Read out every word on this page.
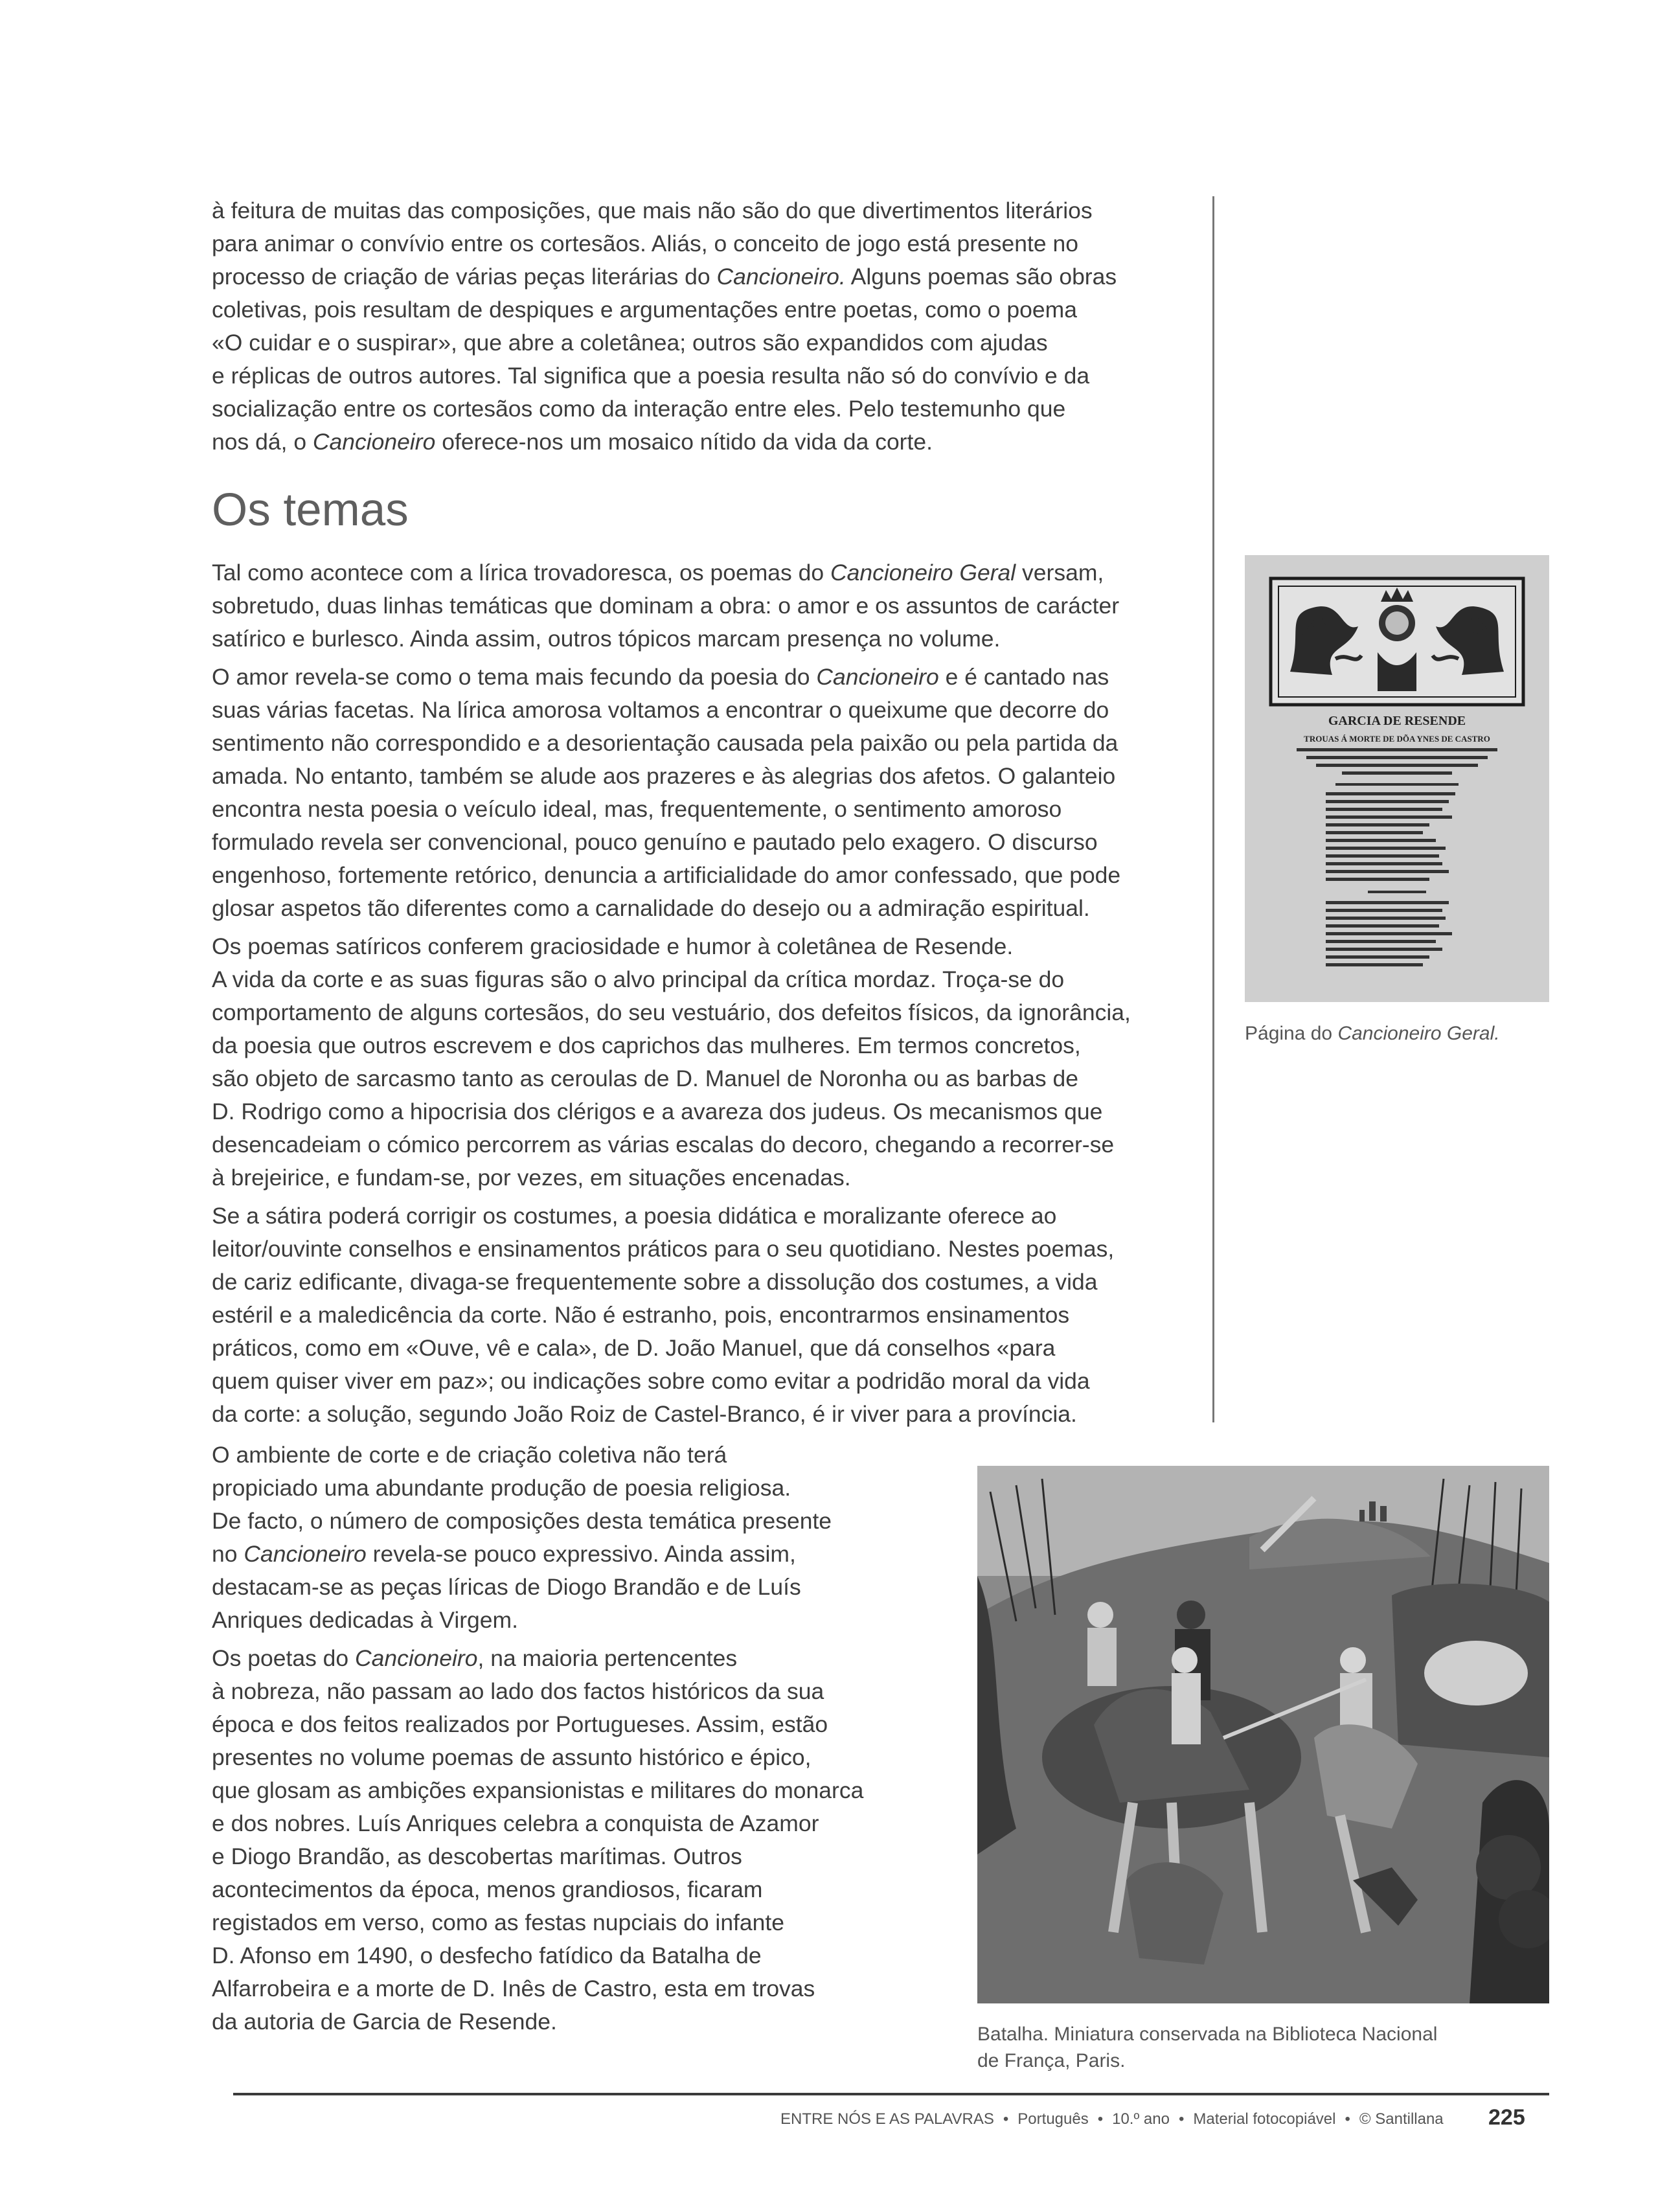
à feitura de muitas das composições, que mais não são do que divertimentos literários
para animar o convívio entre os cortesãos. Aliás, o conceito de jogo está presente no
processo de criação de várias peças literárias do Cancioneiro. Alguns poemas são obras
coletivas, pois resultam de despiques e argumentações entre poetas, como o poema
«O cuidar e o suspirar», que abre a coletânea; outros são expandidos com ajudas
e réplicas de outros autores. Tal significa que a poesia resulta não só do convívio e da
socialização entre os cortesãos como da interação entre eles. Pelo testemunho que
nos dá, o Cancioneiro oferece-nos um mosaico nítido da vida da corte.

Os temas

Tal como acontece com a lírica trovadoresca, os poemas do Cancioneiro Geral versam,
sobretudo, duas linhas temáticas que dominam a obra: o amor e os assuntos de carácter
satírico e burlesco. Ainda assim, outros tópicos marcam presença no volume.

O amor revela-se como o tema mais fecundo da poesia do Cancioneiro e é cantado nas
suas várias facetas. Na lírica amorosa voltamos a encontrar o queixume que decorre do
sentimento não correspondido e a desorientação causada pela paixão ou pela partida da
amada. No entanto, também se alude aos prazeres e às alegrias dos afetos. O galanteio
encontra nesta poesia o veículo ideal, mas, frequentemente, o sentimento amoroso
formulado revela ser convencional, pouco genuíno e pautado pelo exagero. O discurso
engenhoso, fortemente retórico, denuncia a artificialidade do amor confessado, que pode
glosar aspetos tão diferentes como a carnalidade do desejo ou a admiração espiritual.

Os poemas satíricos conferem graciosidade e humor à coletânea de Resende.
A vida da corte e as suas figuras são o alvo principal da crítica mordaz. Troça-se do
comportamento de alguns cortesãos, do seu vestuário, dos defeitos físicos, da ignorância,
da poesia que outros escrevem e dos caprichos das mulheres. Em termos concretos,
são objeto de sarcasmo tanto as ceroulas de D. Manuel de Noronha ou as barbas de
D. Rodrigo como a hipocrisia dos clérigos e a avareza dos judeus. Os mecanismos que
desencadeiam o cómico percorrem as várias escalas do decoro, chegando a recorrer-se
à brejeirice, e fundam-se, por vezes, em situações encenadas.

Se a sátira poderá corrigir os costumes, a poesia didática e moralizante oferece ao
leitor/ouvinte conselhos e ensinamentos práticos para o seu quotidiano. Nestes poemas,
de cariz edificante, divaga-se frequentemente sobre a dissolução dos costumes, a vida
estéril e a maledicência da corte. Não é estranho, pois, encontrarmos ensinamentos
práticos, como em «Ouve, vê e cala», de D. João Manuel, que dá conselhos «para
quem quiser viver em paz»; ou indicações sobre como evitar a podridão moral da vida
da corte: a solução, segundo João Roiz de Castel-Branco, é ir viver para a província.

O ambiente de corte e de criação coletiva não terá
propiciado uma abundante produção de poesia religiosa.
De facto, o número de composições desta temática presente
no Cancioneiro revela-se pouco expressivo. Ainda assim,
destacam-se as peças líricas de Diogo Brandão e de Luís
Anriques dedicadas à Virgem.

Os poetas do Cancioneiro, na maioria pertencentes
à nobreza, não passam ao lado dos factos históricos da sua
época e dos feitos realizados por Portugueses. Assim, estão
presentes no volume poemas de assunto histórico e épico,
que glosam as ambições expansionistas e militares do monarca
e dos nobres. Luís Anriques celebra a conquista de Azamor
e Diogo Brandão, as descobertas marítimas. Outros
acontecimentos da época, menos grandiosos, ficaram
registados em verso, como as festas nupciais do infante
D. Afonso em 1490, o desfecho fatídico da Batalha de
Alfarrobeira e a morte de D. Inês de Castro, esta em trovas
da autoria de Garcia de Resende.

GARCIA DE RESENDE
TROUAS Á MORTE DE DÕA YNES DE CASTRO
Página do Cancioneiro Geral.
Batalha. Miniatura conservada na Biblioteca Nacional
de França, Paris.
ENTRE NÓS E AS PALAVRAS • Português • 10.º ano • Material fotocopiável • © Santillana 225
